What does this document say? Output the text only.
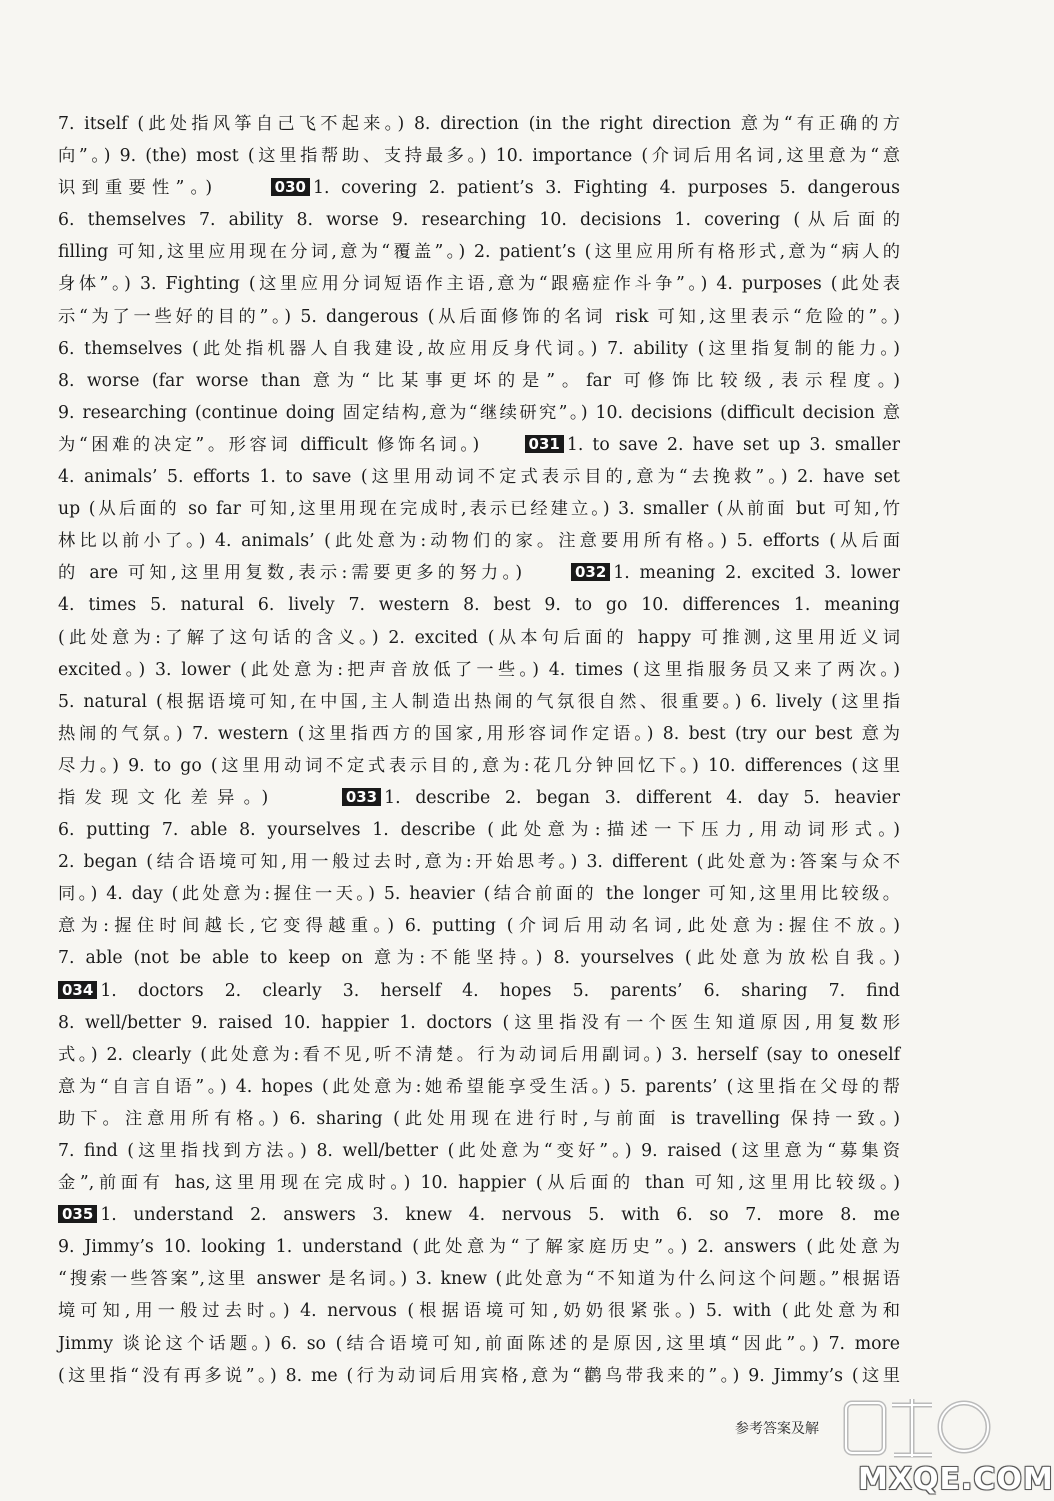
7. itself (此处指风筝自己飞不起来。) 8. direction (in the right direction 意为“有正确的方
向”。) 9. (the) most (这里指帮助、支持最多。) 10. importance (介词后用名词,这里意为“意
识到重要性”。)	030 1. covering 2. patient’s 3. Fighting 4. purposes 5. dangerous
6. themselves 7. ability 8. worse 9. researching 10. decisions 1. covering (从后面的
filling 可知,这里应用现在分词,意为“覆盖”。) 2. patient’s (这里应用所有格形式,意为“病人的
身体”。) 3. Fighting (这里应用分词短语作主语,意为“跟癌症作斗争”。) 4. purposes (此处表
示“为了一些好的目的”。) 5. dangerous (从后面修饰的名词 risk 可知,这里表示“危险的”。)
6. themselves (此处指机器人自我建设,故应用反身代词。) 7. ability (这里指复制的能力。)
8. worse (far worse than 意为“比某事更坏的是”。far 可修饰比较级,表示程度。)
9. researching (continue doing 固定结构,意为“继续研究”。) 10. decisions (difficult decision 意
为“困难的决定”。形容词 difficult 修饰名词。)	031 1. to save 2. have set up 3. smaller
4. animals’ 5. efforts 1. to save (这里用动词不定式表示目的,意为“去挽救”。) 2. have set
up (从后面的 so far 可知,这里用现在完成时,表示已经建立。) 3. smaller (从前面 but 可知,竹
林比以前小了。) 4. animals’ (此处意为:动物们的家。注意要用所有格。) 5. efforts (从后面
的 are 可知,这里用复数,表示:需要更多的努力。)	032 1. meaning 2. excited 3. lower
4. times 5. natural 6. lively 7. western 8. best 9. to go 10. differences 1. meaning
(此处意为:了解了这句话的含义。) 2. excited (从本句后面的 happy 可推测,这里用近义词
excited。) 3. lower (此处意为:把声音放低了一些。) 4. times (这里指服务员又来了两次。)
5. natural (根据语境可知,在中国,主人制造出热闹的气氛很自然、很重要。) 6. lively (这里指
热闹的气氛。) 7. western (这里指西方的国家,用形容词作定语。) 8. best (try our best 意为
尽力。) 9. to go (这里用动词不定式表示目的,意为:花几分钟回忆下。) 10. differences (这里
指发现文化差异。)	033 1. describe 2. began 3. different 4. day 5. heavier
6. putting 7. able 8. yourselves 1. describe (此处意为:描述一下压力,用动词形式。)
2. began (结合语境可知,用一般过去时,意为:开始思考。) 3. different (此处意为:答案与众不
同。) 4. day (此处意为:握住一天。) 5. heavier (结合前面的 the longer 可知,这里用比较级。
意为:握住时间越长,它变得越重。) 6. putting (介词后用动名词,此处意为:握住不放。)
7. able (not be able to keep on 意为:不能坚持。) 8. yourselves (此处意为放松自我。)
034 1. doctors 2. clearly 3. herself 4. hopes 5. parents’ 6. sharing 7. find
8. well/better 9. raised 10. happier 1. doctors (这里指没有一个医生知道原因,用复数形
式。) 2. clearly (此处意为:看不见,听不清楚。行为动词后用副词。) 3. herself (say to oneself
意为“自言自语”。) 4. hopes (此处意为:她希望能享受生活。) 5. parents’ (这里指在父母的帮
助下。注意用所有格。) 6. sharing (此处用现在进行时,与前面 is travelling 保持一致。)
7. find (这里指找到方法。) 8. well/better (此处意为“变好”。) 9. raised (这里意为“募集资
金”,前面有 has,这里用现在完成时。) 10. happier (从后面的 than 可知,这里用比较级。)
035 1. understand 2. answers 3. knew 4. nervous 5. with 6. so 7. more 8. me
9. Jimmy’s 10. looking 1. understand (此处意为“了解家庭历史”。) 2. answers (此处意为
“搜索一些答案”,这里 answer 是名词。) 3. knew (此处意为“不知道为什么问这个问题。”根据语
境可知,用一般过去时。) 4. nervous (根据语境可知,奶奶很紧张。) 5. with (此处意为和
Jimmy 谈论这个话题。) 6. so (结合语境可知,前面陈述的是原因,这里填“因此”。) 7. more
(这里指“没有再多说”。) 8. me (行为动词后用宾格,意为“鹳鸟带我来的”。) 9. Jimmy’s (这里
参考答案及解
MXQE.COM
